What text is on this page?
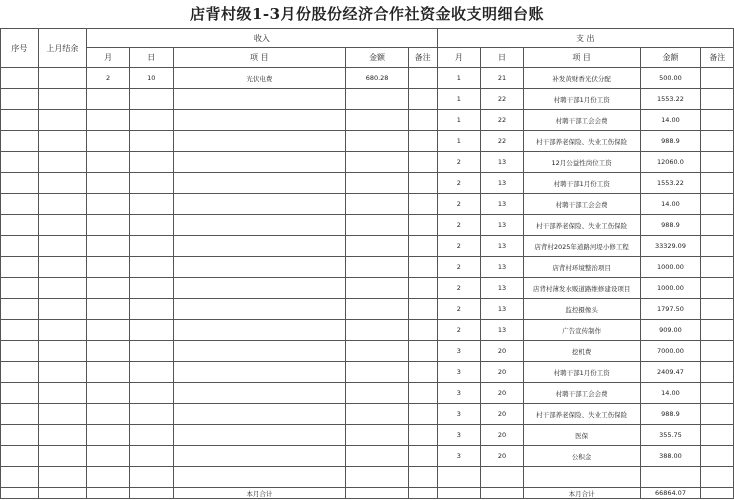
店背村级1-3月份股份经济合作社资金收支明细台账
序号	上月结余	收入					支 出				
		月	日	项 目	金额	备注	月	日	项 目	金额	备注
		2	10	光伏电费	680.28		1	21	补发黄财香光伏分配	500.00	
							1	22	村聘干部1月份工资	1553.22	
							1	22	村聘干部工会会费	14.00	
							1	22	村干部养老保险、失业工伤保险	988.9	
							2	13	12月公益性岗位工资	12060.0	
							2	13	村聘干部1月份工资	1553.22	
							2	13	村聘干部工会会费	14.00	
							2	13	村干部养老保险、失业工伤保险	988.9	
							2	13	店背村2025年道路河堤小修工程	33329.09	
							2	13	店背村环境整治项目	1000.00	
							2	13	店背村薄发水贩道路维修建设项目	1000.00	
							2	13	监控摄像头	1797.50	
							2	13	广告宣传制作	909.00	
							3	20	挖机费	7000.00	
							3	20	村聘干部1月份工资	2409.47	
							3	20	村聘干部工会会费	14.00	
							3	20	村干部养老保险、失业工伤保险	988.9	
							3	20	医保	355.75	
							3	20	公积金	388.00	

				本月合计					本月合计	66864.07	
